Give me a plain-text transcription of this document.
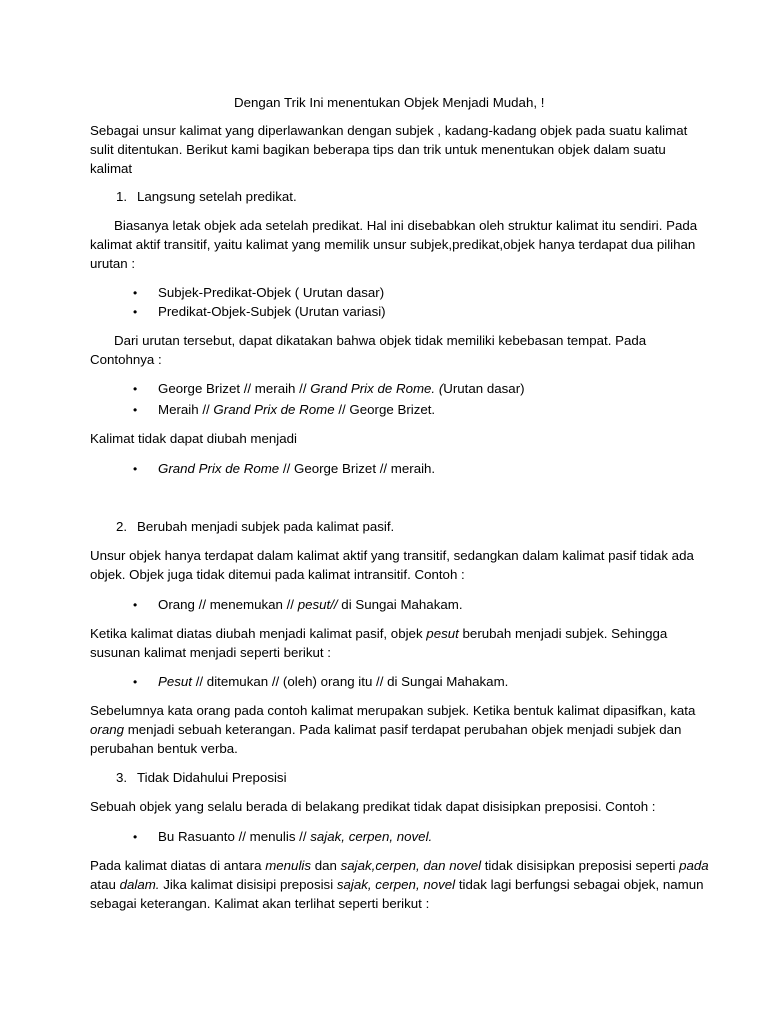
Dengan Trik Ini menentukan Objek Menjadi Mudah, !
Sebagai unsur kalimat yang diperlawankan dengan subjek , kadang-kadang objek pada suatu kalimat
sulit ditentukan. Berikut kami bagikan beberapa tips dan trik untuk menentukan objek dalam suatu
kalimat
1. Langsung setelah predikat.
Biasanya letak objek ada setelah predikat. Hal ini disebabkan oleh struktur kalimat itu sendiri. Pada
kalimat aktif transitif, yaitu kalimat yang memilik unsur subjek,predikat,objek hanya terdapat dua pilihan
urutan :
• Subjek-Predikat-Objek ( Urutan dasar)
• Predikat-Objek-Subjek (Urutan variasi)
Dari urutan tersebut, dapat dikatakan bahwa objek tidak memiliki kebebasan tempat. Pada
Contohnya :
• George Brizet // meraih // Grand Prix de Rome. (Urutan dasar)
• Meraih // Grand Prix de Rome // George Brizet.
Kalimat tidak dapat diubah menjadi
• Grand Prix de Rome // George Brizet // meraih.
2. Berubah menjadi subjek pada kalimat pasif.
Unsur objek hanya terdapat dalam kalimat aktif yang transitif, sedangkan dalam kalimat pasif tidak ada
objek. Objek juga tidak ditemui pada kalimat intransitif. Contoh :
• Orang // menemukan // pesut// di Sungai Mahakam.
Ketika kalimat diatas diubah menjadi kalimat pasif, objek pesut berubah menjadi subjek. Sehingga
susunan kalimat menjadi seperti berikut :
• Pesut // ditemukan // (oleh) orang itu // di Sungai Mahakam.
Sebelumnya kata orang pada contoh kalimat merupakan subjek. Ketika bentuk kalimat dipasifkan, kata
orang menjadi sebuah keterangan. Pada kalimat pasif terdapat perubahan objek menjadi subjek dan
perubahan bentuk verba.
3. Tidak Didahului Preposisi
Sebuah objek yang selalu berada di belakang predikat tidak dapat disisipkan preposisi. Contoh :
• Bu Rasuanto // menulis // sajak, cerpen, novel.
Pada kalimat diatas di antara menulis dan sajak,cerpen, dan novel tidak disisipkan preposisi seperti pada
atau dalam. Jika kalimat disisipi preposisi sajak, cerpen, novel tidak lagi berfungsi sebagai objek, namun
sebagai keterangan. Kalimat akan terlihat seperti berikut :
